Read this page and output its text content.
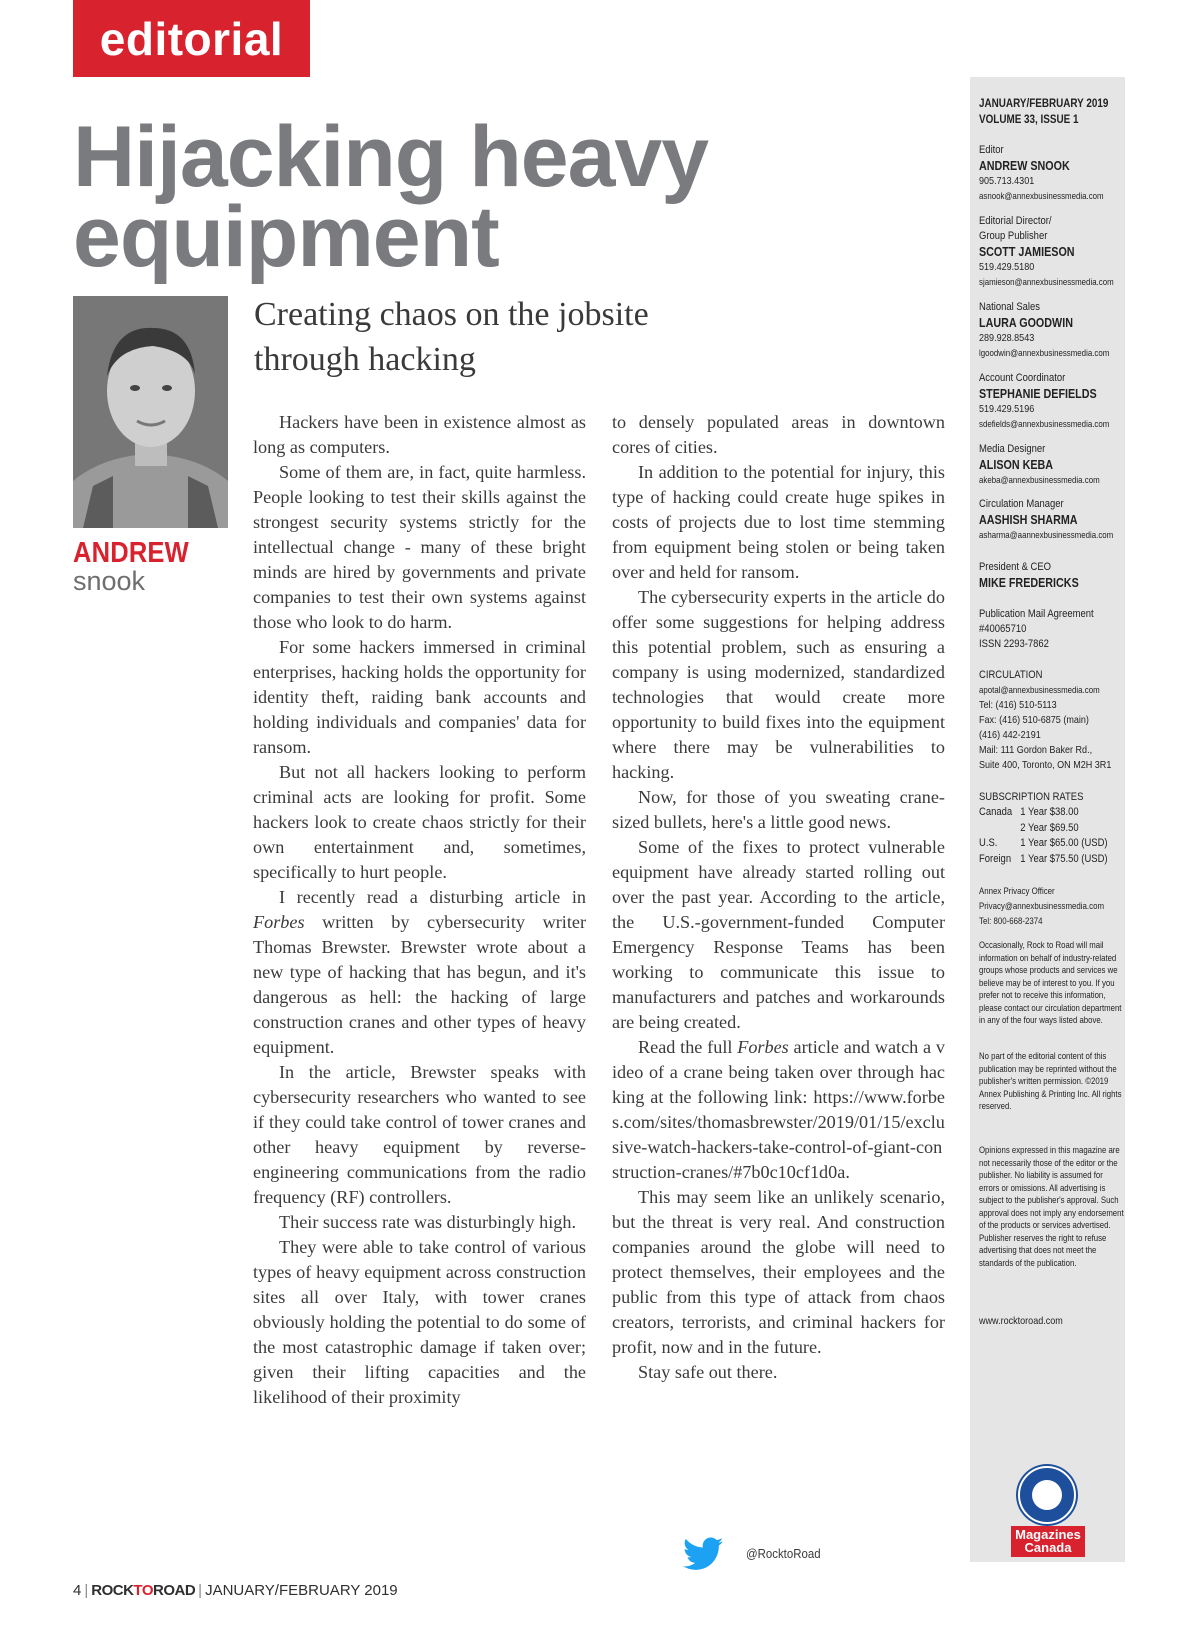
editorial
Hijacking heavy
equipment
ANDREW
snook
Creating chaos on the jobsite
through hacking

Hackers have been in existence almost as long as computers.

Some of them are, in fact, quite harmless. People looking to test their skills against the strongest security systems strictly for the intellectual change - many of these bright minds are hired by governments and private companies to test their own systems against those who look to do harm.

For some hackers immersed in criminal enterprises, hacking holds the opportunity for identity theft, raiding bank accounts and holding individuals and companies' data for ransom.

But not all hackers looking to perform criminal acts are looking for profit. Some hackers look to create chaos strictly for their own entertainment and, sometimes, specifically to hurt people.

I recently read a disturbing article in Forbes written by cybersecurity writer Thomas Brewster. Brewster wrote about a new type of hacking that has begun, and it's dangerous as hell: the hacking of large construction cranes and other types of heavy equipment.

In the article, Brewster speaks with cybersecurity researchers who wanted to see if they could take control of tower cranes and other heavy equipment by reverse-engineering communications from the radio frequency (RF) controllers.

Their success rate was disturbingly high.

They were able to take control of various types of heavy equipment across construction sites all over Italy, with tower cranes obviously holding the potential to do some of the most catastrophic damage if taken over; given their lifting capacities and the likelihood of their proximity

to densely populated areas in downtown cores of cities.

In addition to the potential for injury, this type of hacking could create huge spikes in costs of projects due to lost time stemming from equipment being stolen or being taken over and held for ransom.

The cybersecurity experts in the article do offer some suggestions for helping address this potential problem, such as ensuring a company is using modernized, standardized technologies that would create more opportunity to build fixes into the equipment where there may be vulnerabilities to hacking.

Now, for those of you sweating crane-sized bullets, here's a little good news.

Some of the fixes to protect vulnerable equipment have already started rolling out over the past year. According to the article, the U.S.-government-funded Computer Emergency Response Teams has been working to communicate this issue to manufacturers and patches and workarounds are being created.

Read the full Forbes article and watch a video of a crane being taken over through hacking at the following link: https://www.forbes.com/sites/thomasbrewster/2019/01/15/exclusive-watch-hackers-take-control-of-giant-construction-cranes/#7b0c10cf1d0a.

This may seem like an unlikely scenario, but the threat is very real. And construction companies around the globe will need to protect themselves, their employees and the public from this type of attack from chaos creators, terrorists, and criminal hackers for profit, now and in the future.

Stay safe out there.

JANUARY/FEBRUARY 2019
VOLUME 33, ISSUE 1
Editor
ANDREW SNOOK
905.713.4301
asnook@annexbusinessmedia.com
Editorial Director/
Group Publisher
SCOTT JAMIESON
519.429.5180
sjamieson@annexbusinessmedia.com
National Sales
LAURA GOODWIN
289.928.8543
lgoodwin@annexbusinessmedia.com
Account Coordinator
STEPHANIE DEFIELDS
519.429.5196
sdefields@annexbusinessmedia.com
Media Designer
ALISON KEBA
akeba@annexbusinessmedia.com
Circulation Manager
AASHISH SHARMA
asharma@aannexbusinessmedia.com
President & CEO
MIKE FREDERICKS
Publication Mail Agreement
#40065710
ISSN 2293-7862
CIRCULATION
apotal@annexbusinessmedia.com
Tel: (416) 510-5113
Fax: (416) 510-6875 (main)
(416) 442-2191
Mail: 111 Gordon Baker Rd.,
Suite 400, Toronto, ON M2H 3R1
SUBSCRIPTION RATES
Canada 1 Year $38.00
2 Year $69.50
U.S. 1 Year $65.00 (USD)
Foreign 1 Year $75.50 (USD)
Annex Privacy Officer
Privacy@annexbusinessmedia.com
Tel: 800-668-2374
Occasionally, Rock to Road will mail information on behalf of industry-related groups whose products and services we believe may be of interest to you. If you prefer not to receive this information, please contact our circulation department in any of the four ways listed above.
No part of the editorial content of this publication may be reprinted without the publisher's written permission. ©2019 Annex Publishing & Printing Inc. All rights reserved.
Opinions expressed in this magazine are not necessarily those of the editor or the publisher. No liability is assumed for errors or omissions. All advertising is subject to the publisher's approval. Such approval does not imply any endorsement of the products or services advertised. Publisher reserves the right to refuse advertising that does not meet the standards of the publication.
www.rocktoroad.com
Magazines Canada
@RocktoRoad
4 | ROCKTOROAD | JANUARY/FEBRUARY 2019
